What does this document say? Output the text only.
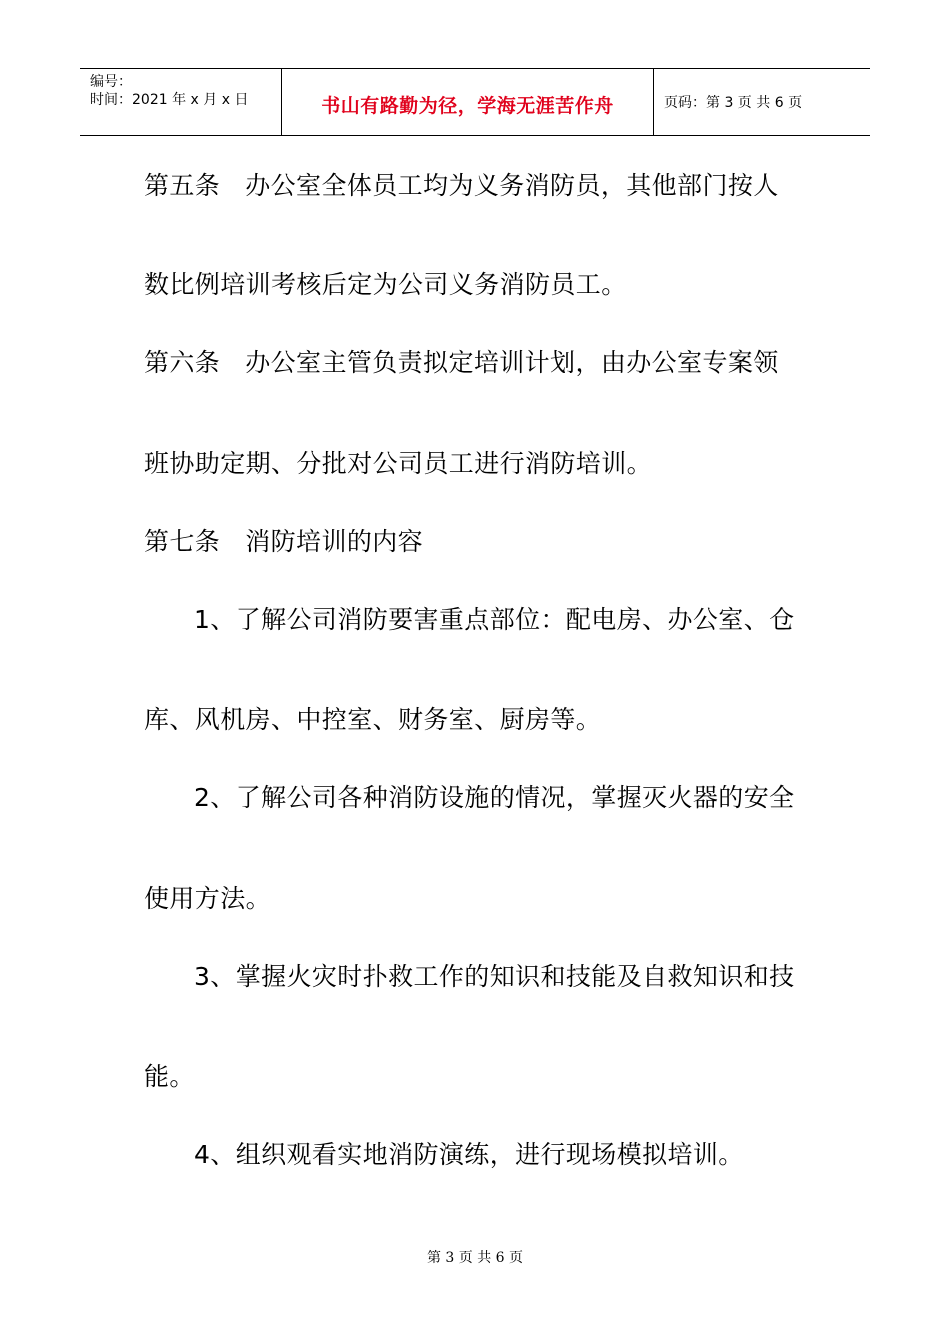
编号：
时间：2021 年 x 月 x 日	书山有路勤为径，学海无涯苦作舟	页码：第 3 页 共 6 页
第五条   办公室全体员工均为义务消防员，其他部门按人
数比例培训考核后定为公司义务消防员工。
第六条   办公室主管负责拟定培训计划，由办公室专案领
班协助定期、分批对公司员工进行消防培训。
第七条   消防培训的内容
1、了解公司消防要害重点部位：配电房、办公室、仓
库、风机房、中控室、财务室、厨房等。
2、了解公司各种消防设施的情况，掌握灭火器的安全
使用方法。
3、掌握火灾时扑救工作的知识和技能及自救知识和技
能。
4、组织观看实地消防演练，进行现场模拟培训。
第 3 页 共 6 页
